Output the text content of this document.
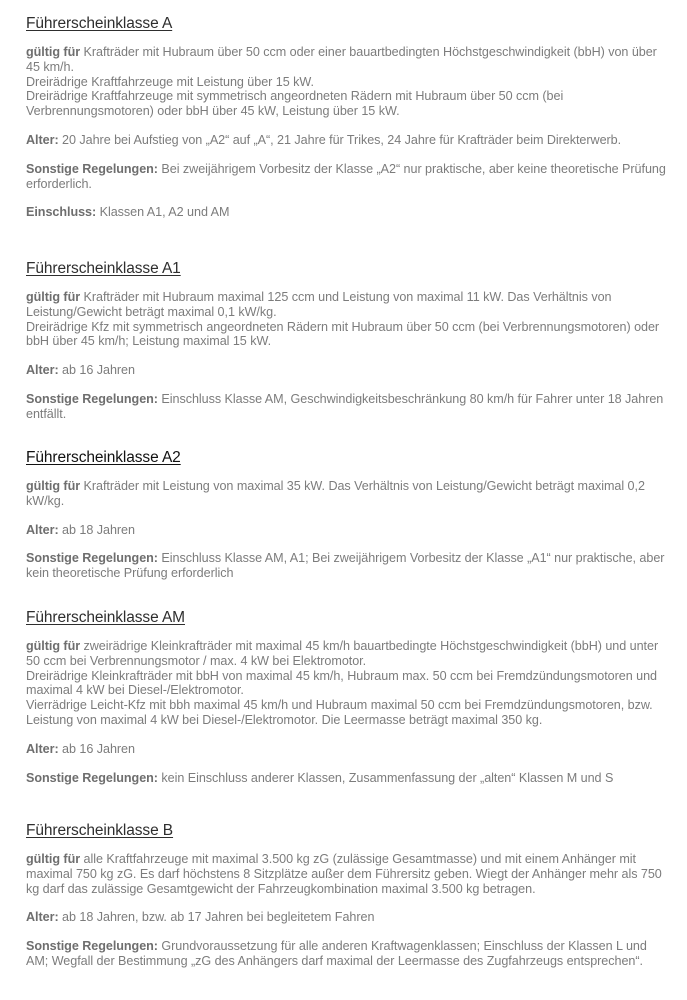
Führerscheinklasse A

gültig für Krafträder mit Hubraum über 50 ccm oder einer bauartbedingten Höchstgeschwindigkeit (bbH) von über 45 km/h.
Dreirädrige Kraftfahrzeuge mit Leistung über 15 kW.
Dreirädrige Kraftfahrzeuge mit symmetrisch angeordneten Rädern mit Hubraum über 50 ccm (bei Verbrennungsmotoren) oder bbH über 45 kW, Leistung über 15 kW.

Alter: 20 Jahre bei Aufstieg von „A2“ auf „A“, 21 Jahre für Trikes, 24 Jahre für Krafträder beim Direkterwerb.

Sonstige Regelungen: Bei zweijährigem Vorbesitz der Klasse „A2“ nur praktische, aber keine theoretische Prüfung erforderlich.

Einschluss: Klassen A1, A2 und AM

Führerscheinklasse A1

gültig für Krafträder mit Hubraum maximal 125 ccm und Leistung von maximal 11 kW. Das Verhältnis von Leistung/Gewicht beträgt maximal 0,1 kW/kg.
Dreirädrige Kfz mit symmetrisch angeordneten Rädern mit Hubraum über 50 ccm (bei Verbrennungsmotoren) oder bbH über 45 km/h; Leistung maximal 15 kW.

Alter: ab 16 Jahren

Sonstige Regelungen: Einschluss Klasse AM, Geschwindigkeitsbeschränkung 80 km/h für Fahrer unter 18 Jahren entfällt.

Führerscheinklasse A2

gültig für Krafträder mit Leistung von maximal 35 kW. Das Verhältnis von Leistung/Gewicht beträgt maximal 0,2 kW/kg.

Alter: ab 18 Jahren

Sonstige Regelungen: Einschluss Klasse AM, A1; Bei zweijährigem Vorbesitz der Klasse „A1“ nur praktische, aber kein theoretische Prüfung erforderlich

Führerscheinklasse AM

gültig für zweirädrige Kleinkrafträder mit maximal 45 km/h bauartbedingte Höchstgeschwindigkeit (bbH) und unter 50 ccm bei Verbrennungsmotor / max. 4 kW bei Elektromotor.
Dreirädrige Kleinkrafträder mit bbH von maximal 45 km/h, Hubraum max. 50 ccm bei Fremdzündungsmotoren und maximal 4 kW bei Diesel-/Elektromotor.
Vierrädrige Leicht-Kfz mit bbh maximal 45 km/h und Hubraum maximal 50 ccm bei Fremdzündungsmotoren, bzw. Leistung von maximal 4 kW bei Diesel-/Elektromotor. Die Leermasse beträgt maximal 350 kg.

Alter: ab 16 Jahren

Sonstige Regelungen: kein Einschluss anderer Klassen, Zusammenfassung der „alten“ Klassen M und S

Führerscheinklasse B

gültig für alle Kraftfahrzeuge mit maximal 3.500 kg zG (zulässige Gesamtmasse) und mit einem Anhänger mit maximal 750 kg zG. Es darf höchstens 8 Sitzplätze außer dem Führersitz geben. Wiegt der Anhänger mehr als 750 kg darf das zulässige Gesamtgewicht der Fahrzeugkombination maximal 3.500 kg betragen.

Alter: ab 18 Jahren, bzw. ab 17 Jahren bei begleitetem Fahren

Sonstige Regelungen: Grundvoraussetzung für alle anderen Kraftwagenklassen; Einschluss der Klassen L und AM; Wegfall der Bestimmung „zG des Anhängers darf maximal der Leermasse des Zugfahrzeugs entsprechen“.
